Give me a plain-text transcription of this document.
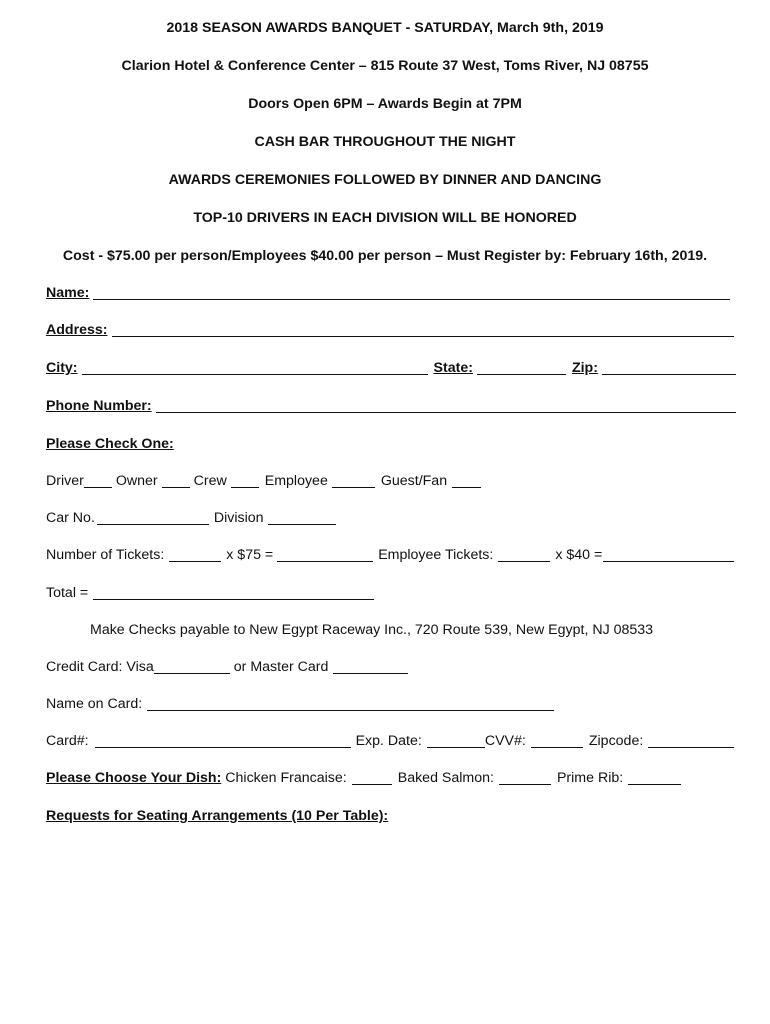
2018 SEASON AWARDS BANQUET - SATURDAY, March 9th, 2019
Clarion Hotel & Conference Center – 815 Route 37 West, Toms River, NJ 08755
Doors Open 6PM – Awards Begin at 7PM
CASH BAR THROUGHOUT THE NIGHT
AWARDS CEREMONIES FOLLOWED BY DINNER AND DANCING
TOP-10 DRIVERS IN EACH DIVISION WILL BE HONORED
Cost - $75.00 per person/Employees $40.00 per person – Must Register by: February 16th, 2019.
Name:
Address:
City:	State:	Zip:
Phone Number:
Please Check One:
Driver Owner	Crew	Employee	Guest/Fan
Car No.	Division
Number of Tickets:	x $75 =	Employee Tickets:	x $40 =
Total =
Make Checks payable to New Egypt Raceway Inc., 720 Route 539, New Egypt, NJ 08533
Credit Card: Visa	or Master Card
Name on Card:
Card#:	Exp. Date:	CVV#:	Zipcode:
Please Choose Your Dish: Chicken Francaise:	Baked Salmon:	Prime Rib:
Requests for Seating Arrangements (10 Per Table):
